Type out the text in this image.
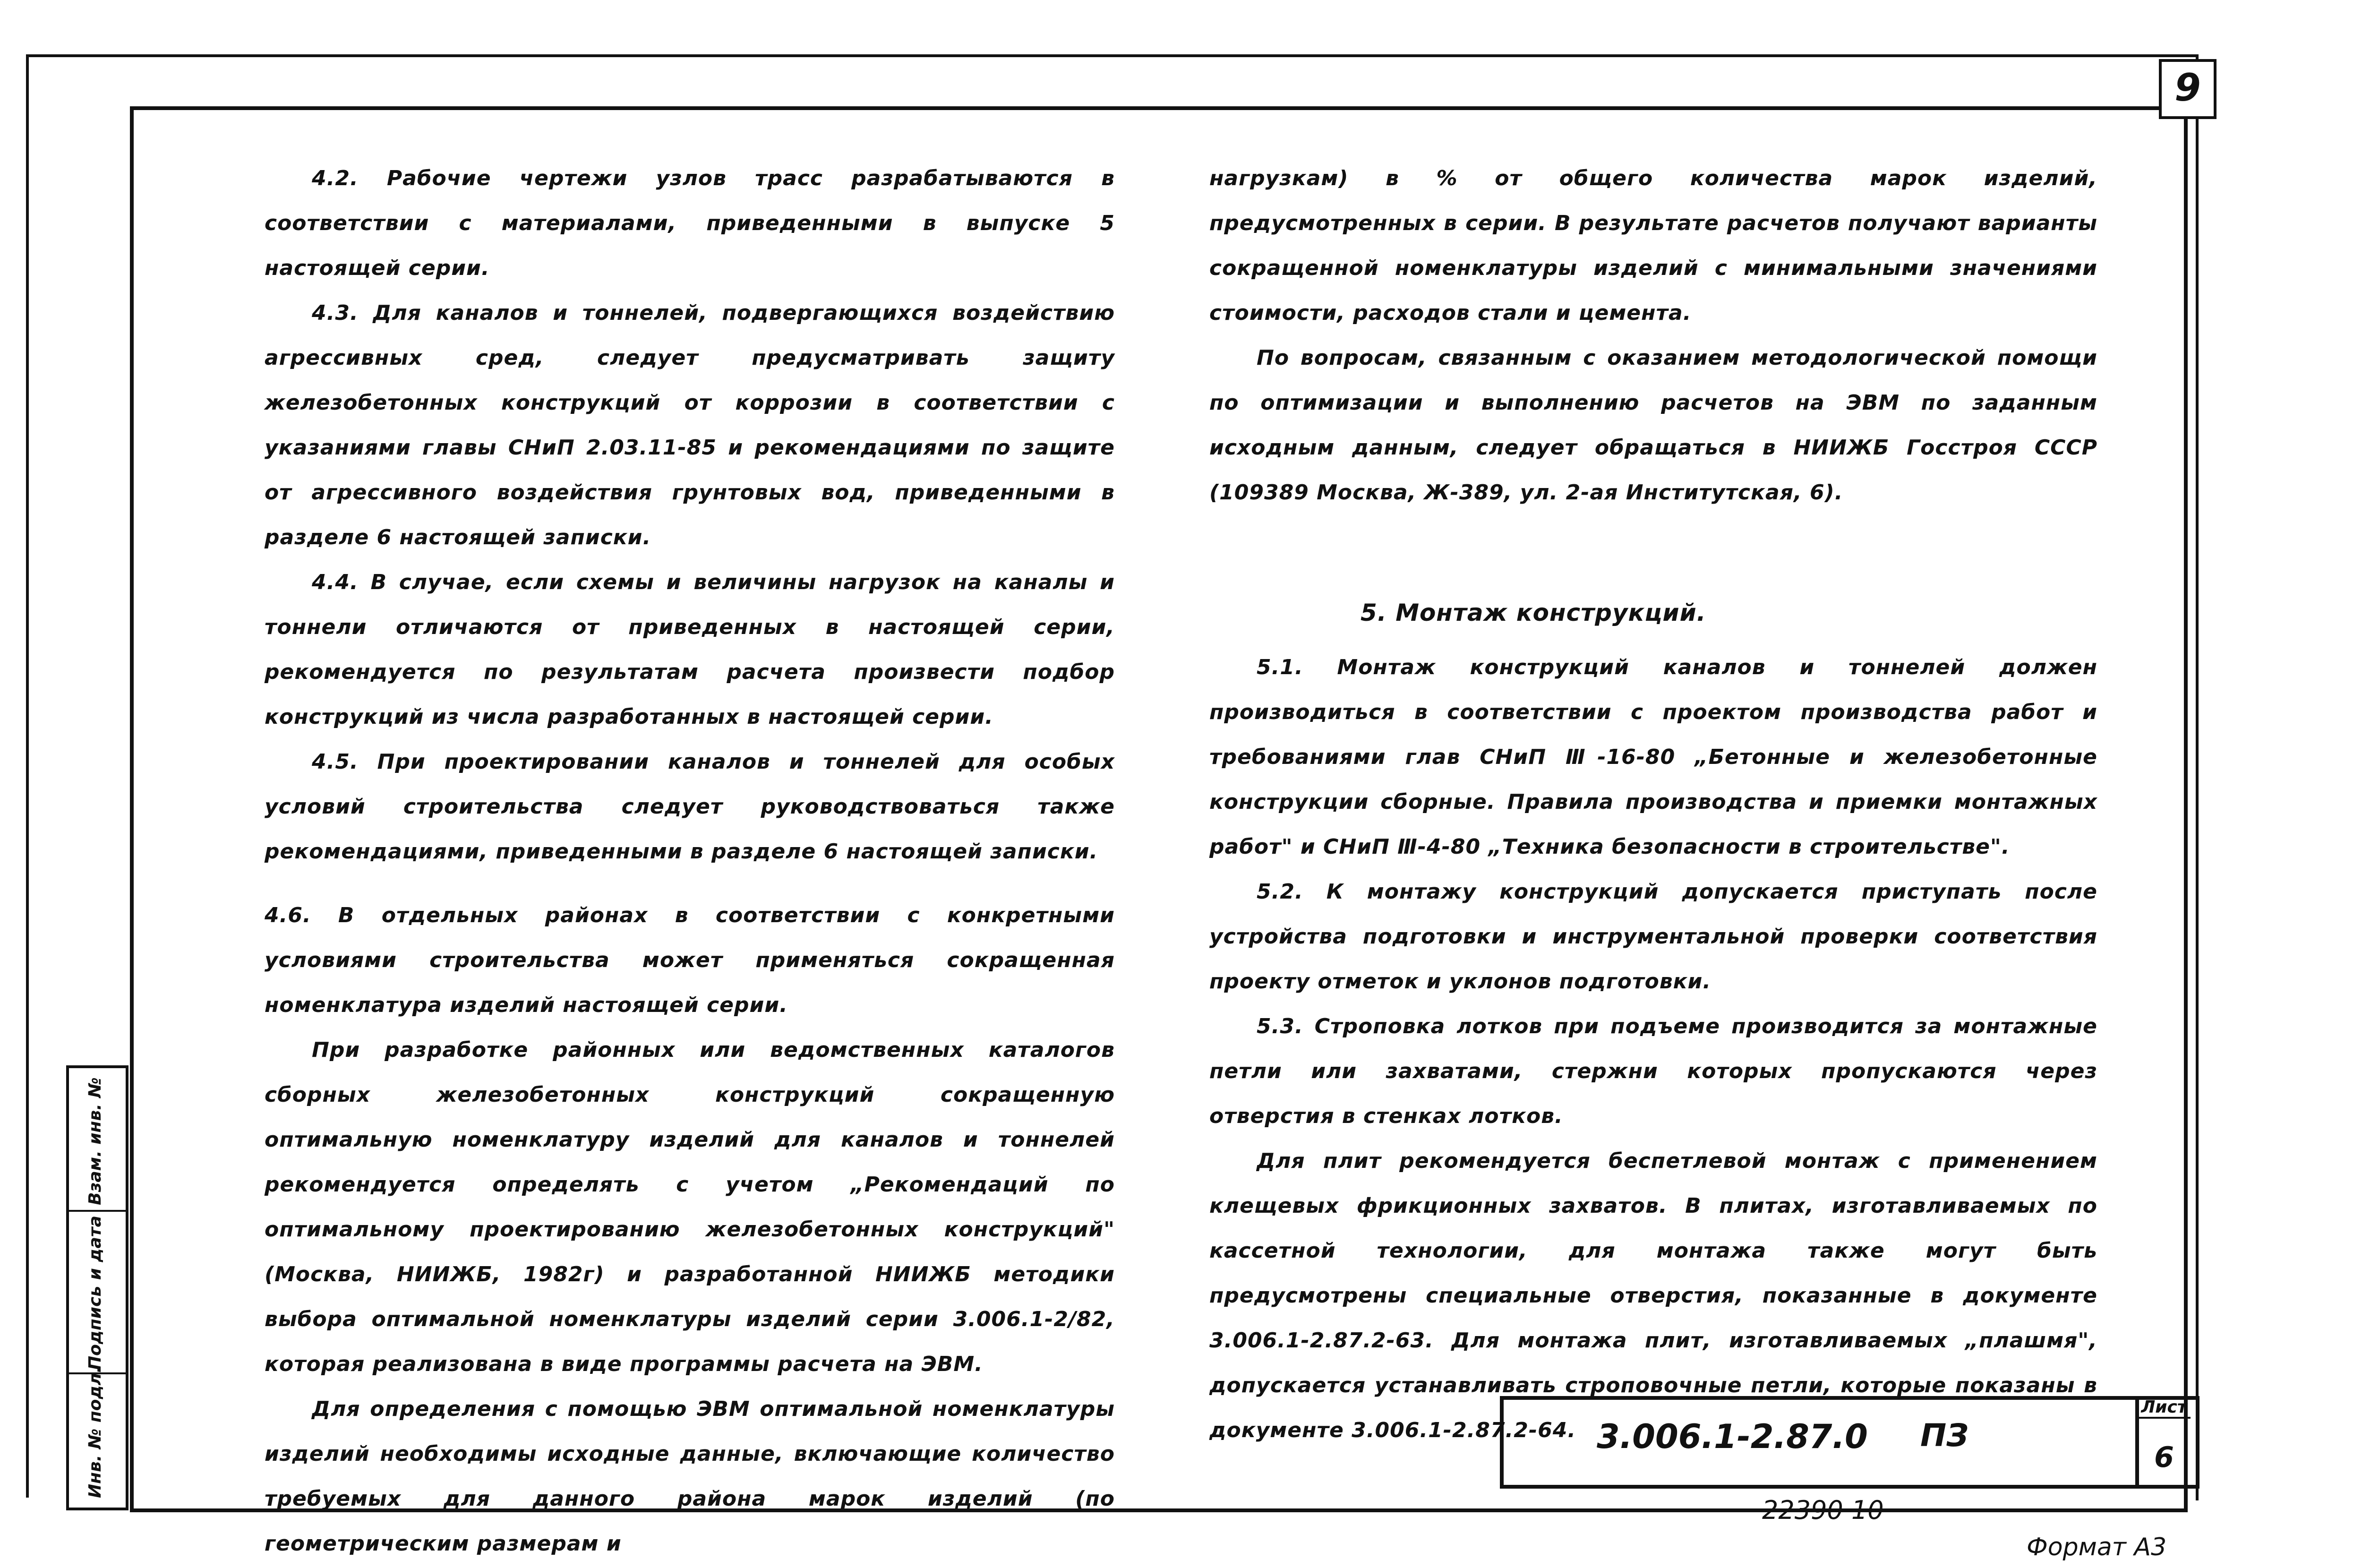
9

4.2. Рабочие чертежи узлов трасс разрабатываются в соответствии с материалами, приведенными в выпуске 5 настоящей серии.

4.3. Для каналов и тоннелей, подвергающихся воздействию агрессивных сред, следует предусматривать защиту железобетонных конструкций от коррозии в соответствии с указаниями главы СНиП 2.03.11-85 и рекомендациями по защите от агрессивного воздействия грунтовых вод, приведенными в разделе 6 настоящей записки.

4.4. В случае, если схемы и величины нагрузок на каналы и тоннели отличаются от приведенных в настоящей серии, рекомендуется по результатам расчета произвести подбор конструкций из числа разработанных в настоящей серии.

4.5. При проектировании каналов и тоннелей для особых условий строительства следует руководствоваться также рекомендациями, приведенными в разделе 6 настоящей записки.

4.6. В отдельных районах в соответствии с конкретными условиями строительства может применяться сокращенная номенклатура изделий настоящей серии.

При разработке районных или ведомственных каталогов сборных железобетонных конструкций сокращенную оптимальную номенклатуру изделий для каналов и тоннелей рекомендуется определять с учетом „Рекомендаций по оптимальному проектированию железобетонных конструкций" (Москва, НИИЖБ, 1982г) и разработанной НИИЖБ методики выбора оптимальной номенклатуры изделий серии 3.006.1-2/82, которая реализована в виде программы расчета на ЭВМ.

Для определения с помощью ЭВМ оптимальной номенклатуры изделий необходимы исходные данные, включающие количество требуемых для данного района марок изделий (по геометрическим размерам и

нагрузкам) в % от общего количества марок изделий, предусмотренных в серии. В результате расчетов получают варианты сокращенной номенклатуры изделий с минимальными значениями стоимости, расходов стали и цемента.

По вопросам, связанным с оказанием методологической помощи по оптимизации и выполнению расчетов на ЭВМ по заданным исходным данным, следует обращаться в НИИЖБ Госстроя СССР (109389 Москва, Ж-389, ул. 2-ая Институтская, 6).

5. Монтаж конструкций.

5.1. Монтаж конструкций каналов и тоннелей должен производиться в соответствии с проектом производства работ и требованиями глав СНиП Ⅲ-16-80 „Бетонные и железобетонные конструкции сборные. Правила производства и приемки монтажных работ" и СНиП Ⅲ-4-80 „Техника безопасности в строительстве".

5.2. К монтажу конструкций допускается приступать после устройства подготовки и инструментальной проверки соответствия проекту отметок и уклонов подготовки.

5.3. Строповка лотков при подъеме производится за монтажные петли или захватами, стержни которых пропускаются через отверстия в стенках лотков.

Для плит рекомендуется беспетлевой монтаж с применением клещевых фрикционных захватов. В плитах, изготавливаемых по кассетной технологии, для монтажа также могут быть предусмотрены специальные отверстия, показанные в документе 3.006.1-2.87.2-63. Для монтажа плит, изготавливаемых „плашмя", допускается устанавливать строповочные петли, которые показаны в документе 3.006.1-2.87.2-64. 3.006.1-2.87.0 ПЗ
Лист
6
22390 10
Формат А3
Взам. инв. №
Подпись и дата
Инв. № подл.
